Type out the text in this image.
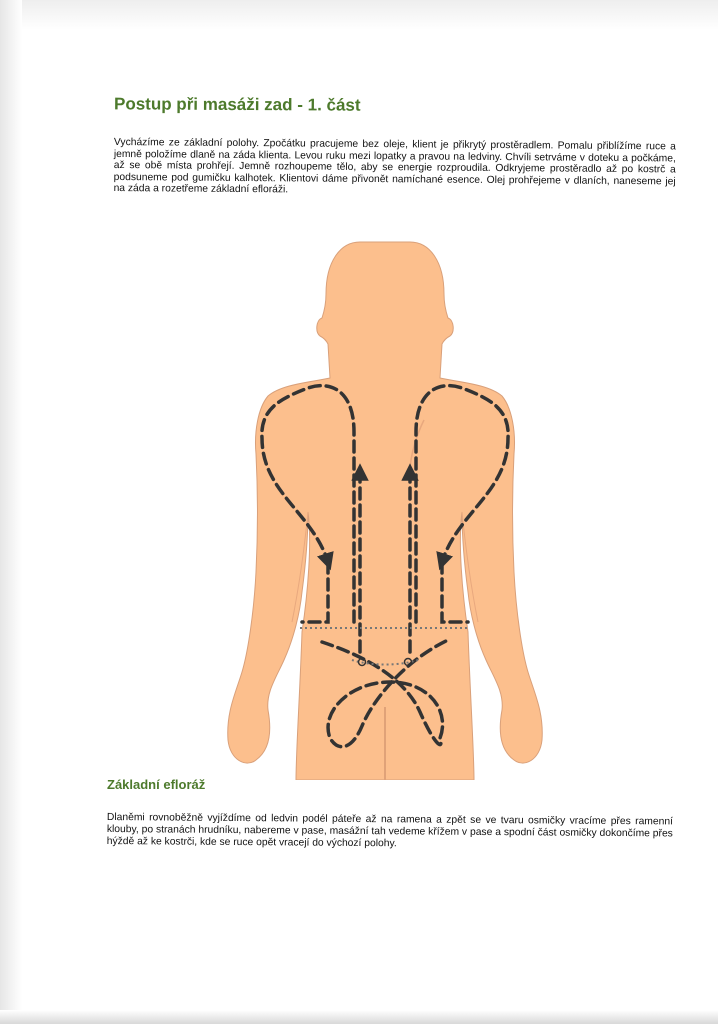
Postup při masáži zad - 1. část

Vycházíme ze základní polohy. Zpočátku pracujeme bez oleje, klient je přikrytý prostěradlem. Pomalu přiblížíme ruce a jemně položíme dlaně na záda klienta. Levou ruku mezi lopatky a pravou na ledviny. Chvíli setrváme v doteku a počkáme, až se obě místa prohřejí. Jemně rozhoupeme tělo, aby se energie rozproudila. Odkryjeme prostěradlo až po kostrč a podsuneme pod gumičku kalhotek. Klientovi dáme přivonět namíchané esence. Olej prohřejeme v dlaních, naneseme jej na záda a rozetřeme základní efloráži.

Základní efloráž

Dlaněmi rovnoběžně vyjíždíme od ledvin podél páteře až na ramena a zpět se ve tvaru osmičky vracíme přes ramenní klouby, po stranách hrudníku, nabereme v pase, masážní tah vedeme křížem v pase a spodní část osmičky dokončíme přes hýždě až ke kostrči, kde se ruce opět vracejí do výchozí polohy.
